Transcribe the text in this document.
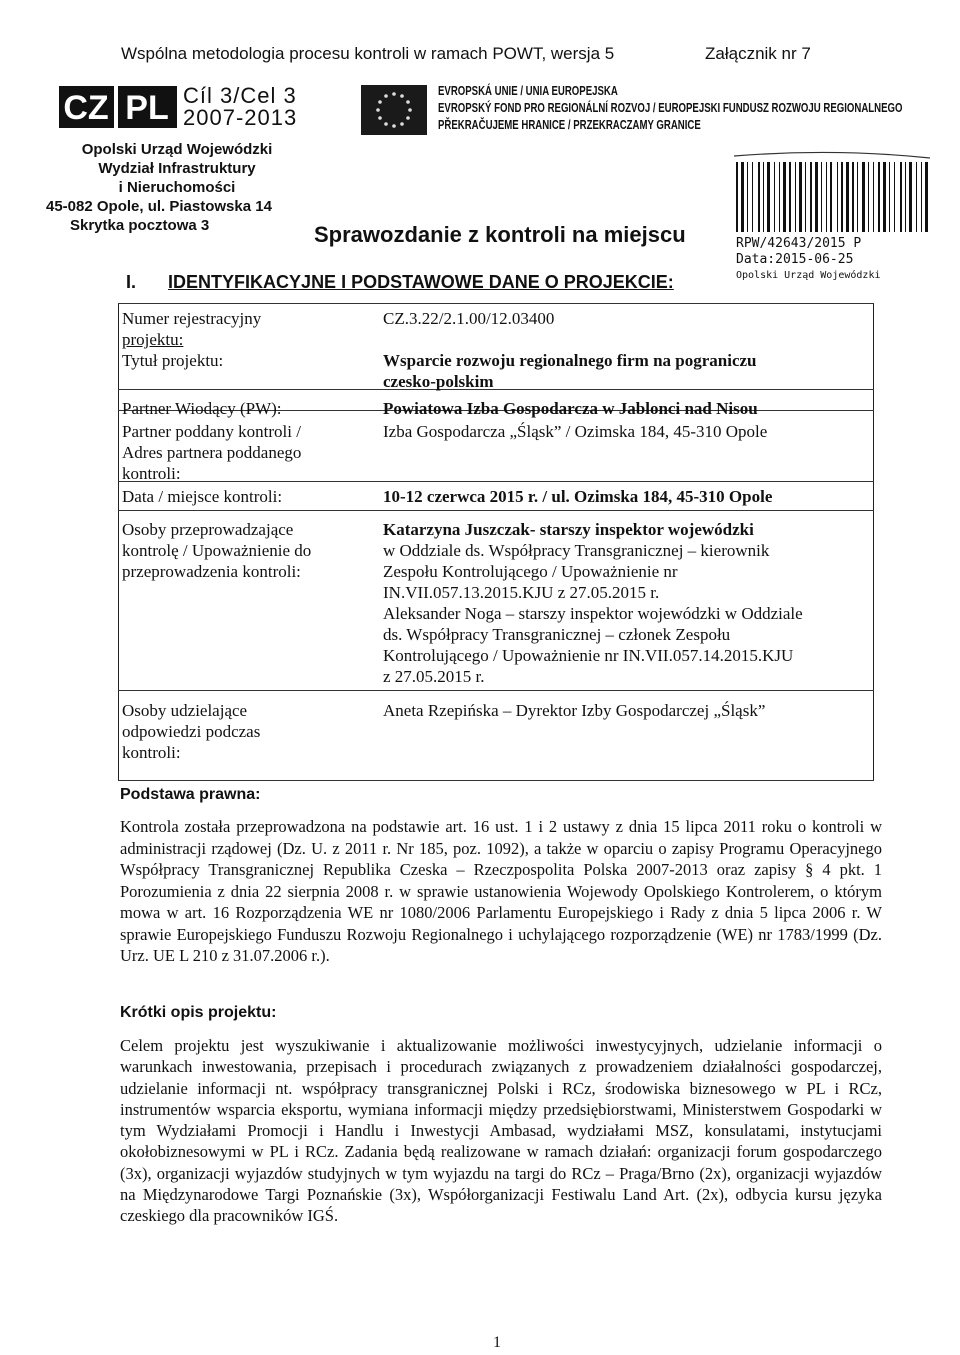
Wspólna metodologia procesu kontroli w ramach POWT, wersja 5	Załącznik nr 7
CZ PL Cíl 3/Cel 3
2007-2013
EVROPSKÁ UNIE / UNIA EUROPEJSKA
EVROPSKÝ FOND PRO REGIONÁLNÍ ROZVOJ / EUROPEJSKI FUNDUSZ ROZWOJU REGIONALNEGO
PŘEKRAČUJEME HRANICE / PRZEKRACZAMY GRANICE
Opolski Urząd Wojewódzki
Wydział Infrastruktury
i Nieruchomości
45-082 Opole, ul. Piastowska 14
Skrytka pocztowa 3	Sprawozdanie z kontroli na miejscu	RPW/42643/2015 P
Data:2015-06-25
Opolski Urząd Wojewódzki
I. IDENTYFIKACYJNE I PODSTAWOWE DANE O PROJEKCIE:
Numer rejestracyjny
projektu:
CZ.3.22/2.1.00/12.03400
Tytuł projektu:	Wsparcie rozwoju regionalnego firm na pograniczu
czesko-polskim
Partner Wiodący (PW):	Powiatowa Izba Gospodarcza w Jablonci nad Nisou
Partner poddany kontroli /
Adres partnera poddanego
kontroli:
Izba Gospodarcza „Śląsk” / Ozimska 184, 45-310 Opole
Data / miejsce kontroli:	10-12 czerwca 2015 r. / ul. Ozimska 184, 45-310 Opole
Osoby przeprowadzające
kontrolę / Upoważnienie do
przeprowadzenia kontroli:
Katarzyna Juszczak- starszy inspektor wojewódzki
w Oddziale ds. Współpracy Transgranicznej – kierownik
Zespołu Kontrolującego / Upoważnienie nr
IN.VII.057.13.2015.KJU z 27.05.2015 r.
Aleksander Noga – starszy inspektor wojewódzki w Oddziale
ds. Współpracy Transgranicznej – członek Zespołu
Kontrolującego / Upoważnienie nr IN.VII.057.14.2015.KJU
z 27.05.2015 r.
Osoby udzielające
odpowiedzi podczas
kontroli:
Aneta Rzepińska – Dyrektor Izby Gospodarczej „Śląsk”
Podstawa prawna:
Kontrola została przeprowadzona na podstawie art. 16 ust. 1 i 2 ustawy z dnia 15 lipca 2011 roku o kontroli w administracji rządowej (Dz. U. z 2011 r. Nr 185, poz. 1092), a także w oparciu o zapisy Programu Operacyjnego Współpracy Transgranicznej Republika Czeska – Rzeczpospolita Polska 2007-2013 oraz zapisy § 4 pkt. 1 Porozumienia z dnia 22 sierpnia 2008 r. w sprawie ustanowienia Wojewody Opolskiego Kontrolerem, o którym mowa w art. 16 Rozporządzenia WE nr 1080/2006 Parlamentu Europejskiego i Rady z dnia 5 lipca 2006 r. W sprawie Europejskiego Funduszu Rozwoju Regionalnego i uchylającego rozporządzenie (WE) nr 1783/1999 (Dz. Urz. UE L 210 z 31.07.2006 r.).
Krótki opis projektu:
Celem projektu jest wyszukiwanie i aktualizowanie możliwości inwestycyjnych, udzielanie informacji o warunkach inwestowania, przepisach i procedurach związanych z prowadzeniem działalności gospodarczej, udzielanie informacji nt. współpracy transgranicznej Polski i RCz, środowiska biznesowego w PL i RCz, instrumentów wsparcia eksportu, wymiana informacji między przedsiębiorstwami, Ministerstwem Gospodarki w tym Wydziałami Promocji i Handlu i Inwestycji Ambasad, wydziałami MSZ, konsulatami, instytucjami okołobiznesowymi w PL i RCz. Zadania będą realizowane w ramach działań: organizacji forum gospodarczego (3x), organizacji wyjazdów studyjnych w tym wyjazdu na targi do RCz – Praga/Brno (2x), organizacji wyjazdów na Międzynarodowe Targi Poznańskie (3x), Współorganizacji Festiwalu Land Art. (2x), odbycia kursu języka czeskiego dla pracowników IGŚ.
1
